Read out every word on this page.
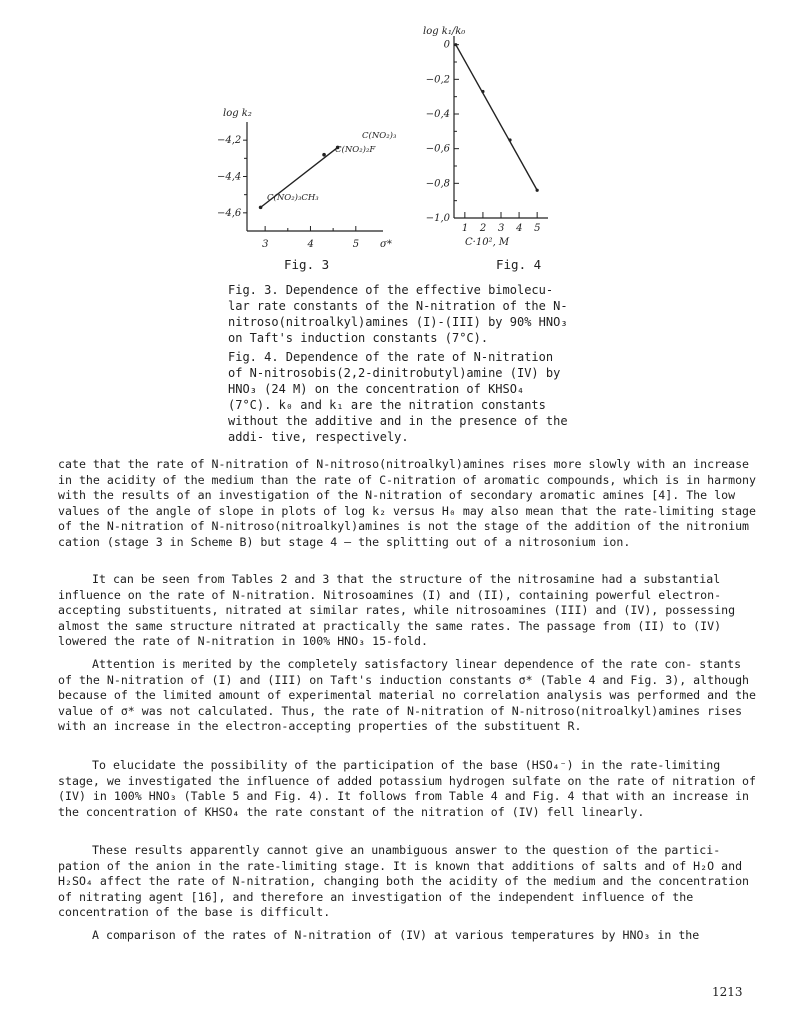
log k₂
−4,2
−4,4
−4,6
3	4	5 σ*
C(NO₂)₃CH₃
C(NO₂)₃
C(NO₂)₂F
Fig. 3
log k₁/k₀
0
−0,2
−0,4
−0,6
−0,8
−1,0
1 2 3 4 5
C·10², M
Fig. 4

Fig. 3. Dependence of the effective bimolecu- lar rate constants of the N-nitration of the N-nitroso(nitroalkyl)amines (I)-(III) by 90% HNO₃ on Taft's induction constants (7°C).

Fig. 4. Dependence of the rate of N-nitration of N-nitrosobis(2,2-dinitrobutyl)amine (IV) by HNO₃ (24 M) on the concentration of KHSO₄ (7°C). k₀ and k₁ are the nitration constants without the additive and in the presence of the addi- tive, respectively.

cate that the rate of N-nitration of N-nitroso(nitroalkyl)amines rises more slowly with an increase in the acidity of the medium than the rate of C-nitration of aromatic compounds, which is in harmony with the results of an investigation of the N-nitration of secondary aromatic amines [4]. The low values of the angle of slope in plots of log k₂ versus H₀ may also mean that the rate-limiting stage of the N-nitration of N-nitroso(nitroalkyl)amines is not the stage of the addition of the nitronium cation (stage 3 in Scheme B) but stage 4 — the splitting out of a nitrosonium ion.

It can be seen from Tables 2 and 3 that the structure of the nitrosamine had a substantial influence on the rate of N-nitration. Nitrosoamines (I) and (II), containing powerful electron-accepting substituents, nitrated at similar rates, while nitrosoamines (III) and (IV), possessing almost the same structure nitrated at practically the same rates. The passage from (II) to (IV) lowered the rate of N-nitration in 100% HNO₃ 15-fold.

Attention is merited by the completely satisfactory linear dependence of the rate con- stants of the N-nitration of (I) and (III) on Taft's induction constants σ* (Table 4 and Fig. 3), although because of the limited amount of experimental material no correlation analysis was performed and the value of σ* was not calculated. Thus, the rate of N-nitration of N-nitroso(nitroalkyl)amines rises with an increase in the electron-accepting properties of the substituent R.

To elucidate the possibility of the participation of the base (HSO₄⁻) in the rate-limiting stage, we investigated the influence of added potassium hydrogen sulfate on the rate of nitration of (IV) in 100% HNO₃ (Table 5 and Fig. 4). It follows from Table 4 and Fig. 4 that with an increase in the concentration of KHSO₄ the rate constant of the nitration of (IV) fell linearly.

These results apparently cannot give an unambiguous answer to the question of the partici- pation of the anion in the rate-limiting stage. It is known that additions of salts and of H₂O and H₂SO₄ affect the rate of N-nitration, changing both the acidity of the medium and the concentration of nitrating agent [16], and therefore an investigation of the independent influence of the concentration of the base is difficult.

A comparison of the rates of N-nitration of (IV) at various temperatures by HNO₃ in the

1213
